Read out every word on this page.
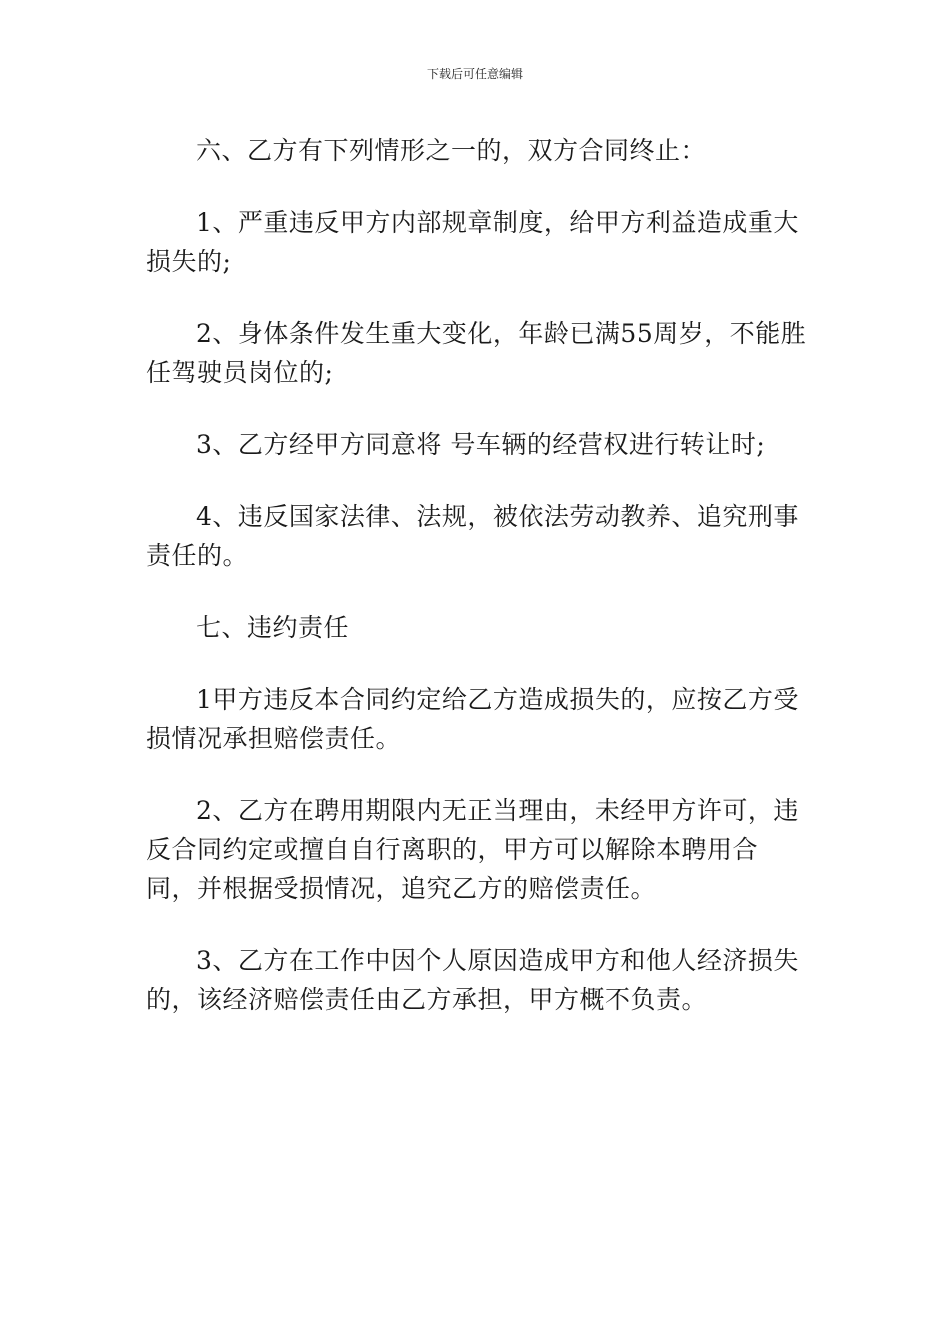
下载后可任意编辑

六、乙方有下列情形之一的，双方合同终止：

1、严重违反甲方内部规章制度，给甲方利益造成重大损失的;

2、身体条件发生重大变化，年龄已满55周岁，不能胜任驾驶员岗位的;

3、乙方经甲方同意将 号车辆的经营权进行转让时;

4、违反国家法律、法规，被依法劳动教养、追究刑事责任的。

七、违约责任

1甲方违反本合同约定给乙方造成损失的，应按乙方受损情况承担赔偿责任。

2、乙方在聘用期限内无正当理由，未经甲方许可，违反合同约定或擅自自行离职的，甲方可以解除本聘用合同，并根据受损情况，追究乙方的赔偿责任。

3、乙方在工作中因个人原因造成甲方和他人经济损失的，该经济赔偿责任由乙方承担，甲方概不负责。
